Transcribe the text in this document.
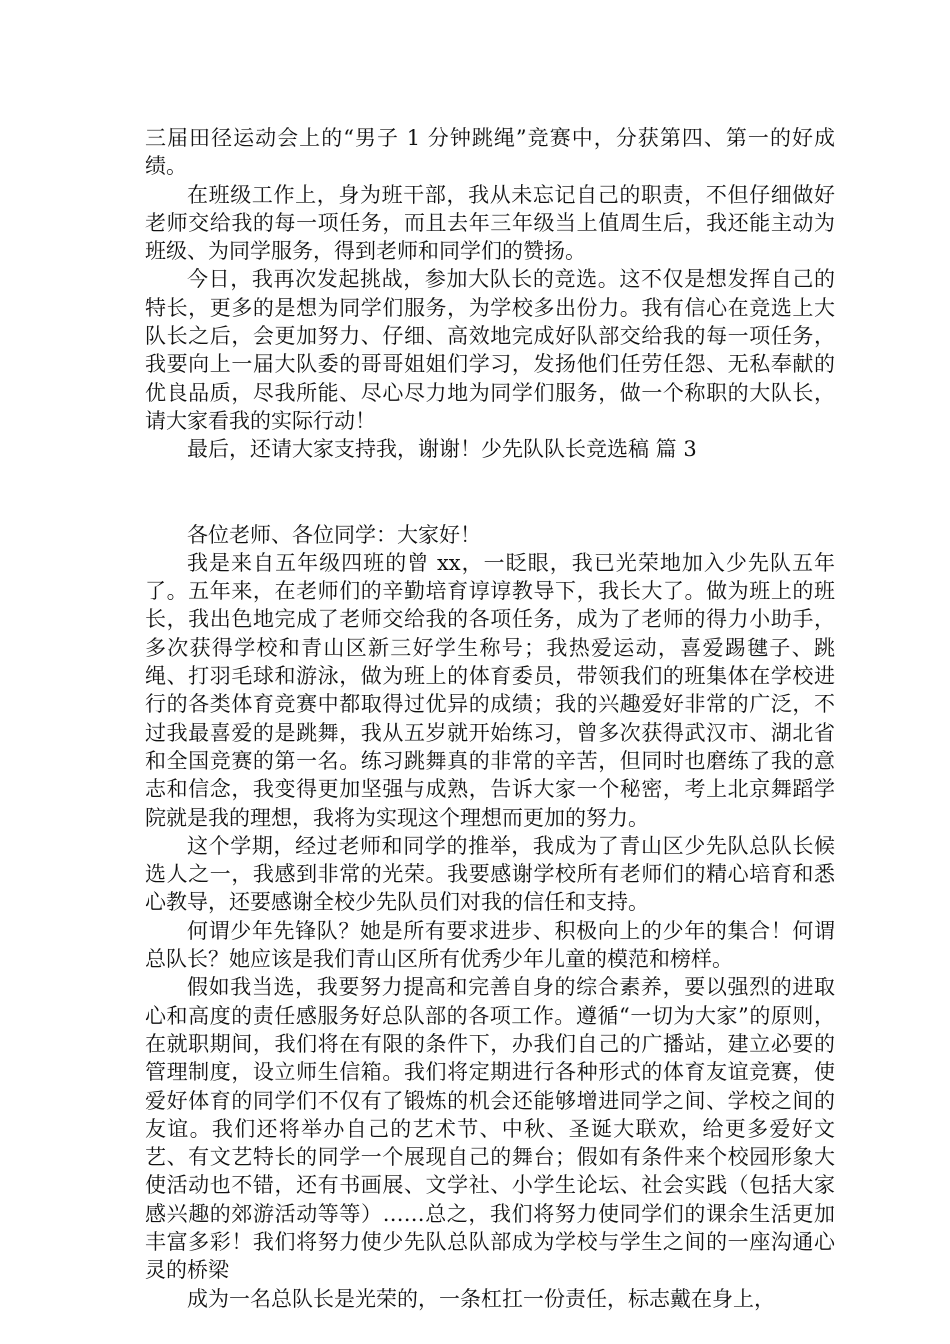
三届田径运动会上的“男子 1 分钟跳绳”竞赛中，分获第四、第一的好成绩。

在班级工作上，身为班干部，我从未忘记自己的职责，不但仔细做好老师交给我的每一项任务，而且去年三年级当上值周生后，我还能主动为班级、为同学服务，得到老师和同学们的赞扬。

今日，我再次发起挑战，参加大队长的竞选。这不仅是想发挥自己的特长，更多的是想为同学们服务，为学校多出份力。我有信心在竞选上大队长之后，会更加努力、仔细、高效地完成好队部交给我的每一项任务，我要向上一届大队委的哥哥姐姐们学习，发扬他们任劳任怨、无私奉献的优良品质，尽我所能、尽心尽力地为同学们服务，做一个称职的大队长，请大家看我的实际行动！

最后，还请大家支持我，谢谢！少先队队长竞选稿 篇 3

各位老师、各位同学：大家好！

我是来自五年级四班的曾 xx，一眨眼，我已光荣地加入少先队五年了。五年来，在老师们的辛勤培育谆谆教导下，我长大了。做为班上的班长，我出色地完成了老师交给我的各项任务，成为了老师的得力小助手，多次获得学校和青山区新三好学生称号；我热爱运动，喜爱踢毽子、跳绳、打羽毛球和游泳，做为班上的体育委员，带领我们的班集体在学校进行的各类体育竞赛中都取得过优异的成绩；我的兴趣爱好非常的广泛，不过我最喜爱的是跳舞，我从五岁就开始练习，曾多次获得武汉市、湖北省和全国竞赛的第一名。练习跳舞真的非常的辛苦，但同时也磨练了我的意志和信念，我变得更加坚强与成熟，告诉大家一个秘密，考上北京舞蹈学院就是我的理想，我将为实现这个理想而更加的努力。

这个学期，经过老师和同学的推举，我成为了青山区少先队总队长候选人之一，我感到非常的光荣。我要感谢学校所有老师们的精心培育和悉心教导，还要感谢全校少先队员们对我的信任和支持。

何谓少年先锋队？她是所有要求进步、积极向上的少年的集合！何谓总队长？她应该是我们青山区所有优秀少年儿童的模范和榜样。

假如我当选，我要努力提高和完善自身的综合素养，要以强烈的进取心和高度的责任感服务好总队部的各项工作。遵循“一切为大家”的原则，在就职期间，我们将在有限的条件下，办我们自己的广播站，建立必要的管理制度，设立师生信箱。我们将定期进行各种形式的体育友谊竞赛，使爱好体育的同学们不仅有了锻炼的机会还能够增进同学之间、学校之间的友谊。我们还将举办自己的艺术节、中秋、圣诞大联欢，给更多爱好文艺、有文艺特长的同学一个展现自己的舞台；假如有条件来个校园形象大使活动也不错，还有书画展、文学社、小学生论坛、社会实践（包括大家感兴趣的郊游活动等等）……总之，我们将努力使同学们的课余生活更加丰富多彩！我们将努力使少先队总队部成为学校与学生之间的一座沟通心灵的桥梁

成为一名总队长是光荣的，一条杠扛一份责任，标志戴在身上，
